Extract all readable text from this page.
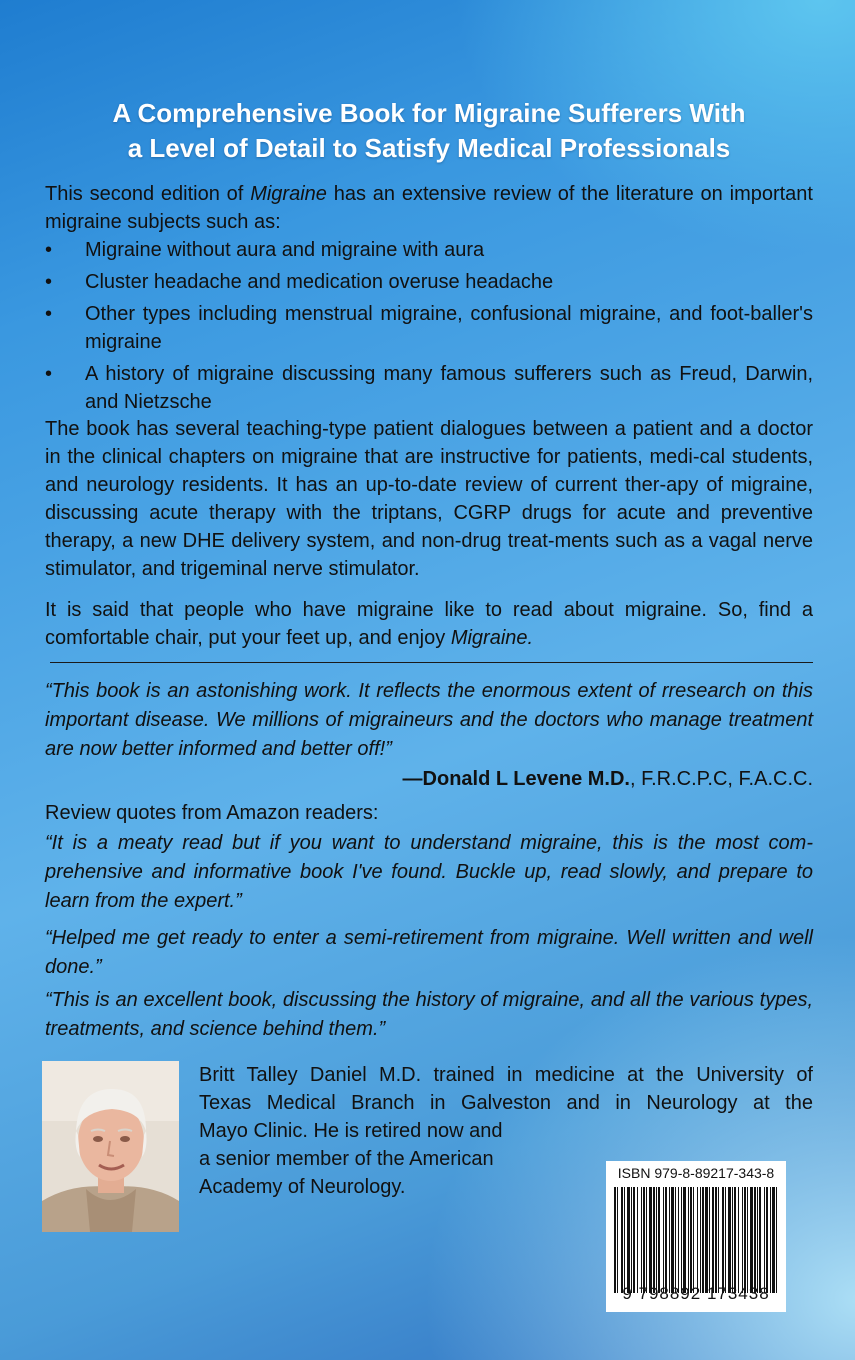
A Comprehensive Book for Migraine Sufferers With
a Level of Detail to Satisfy Medical Professionals
This second edition of Migraine has an extensive review of the literature on important migraine subjects such as:
• Migraine without aura and migraine with aura
• Cluster headache and medication overuse headache
• Other types including menstrual migraine, confusional migraine, and foot-baller's migraine
• A history of migraine discussing many famous sufferers such as Freud, Darwin, and Nietzsche
The book has several teaching-type patient dialogues between a patient and a doctor in the clinical chapters on migraine that are instructive for patients, medi-cal students, and neurology residents. It has an up-to-date review of current ther-apy of migraine, discussing acute therapy with the triptans, CGRP drugs for acute and preventive therapy, a new DHE delivery system, and non-drug treat-ments such as a vagal nerve stimulator, and trigeminal nerve stimulator.
It is said that people who have migraine like to read about migraine. So, find a comfortable chair, put your feet up, and enjoy Migraine.
“This book is an astonishing work. It reflects the enormous extent of rresearch on this important disease. We millions of migraineurs and the doctors who manage treatment are now better informed and better off!”
—Donald L Levene M.D., F.R.C.P.C, F.A.C.C.
Review quotes from Amazon readers:
“It is a meaty read but if you want to understand migraine, this is the most com-prehensive and informative book I've found. Buckle up, read slowly, and prepare to learn from the expert.”
“Helped me get ready to enter a semi-retirement from migraine. Well written and well done.”
“This is an excellent book, discussing the history of migraine, and all the various types, treatments, and science behind them.”
Britt Talley Daniel M.D. trained in medicine at the University of
Texas Medical Branch in Galveston and in Neurology at the
Mayo Clinic. He is retired now and
a senior member of the American
Academy of Neurology.
ISBN 979-8-89217-343-8
9 798892 173438
